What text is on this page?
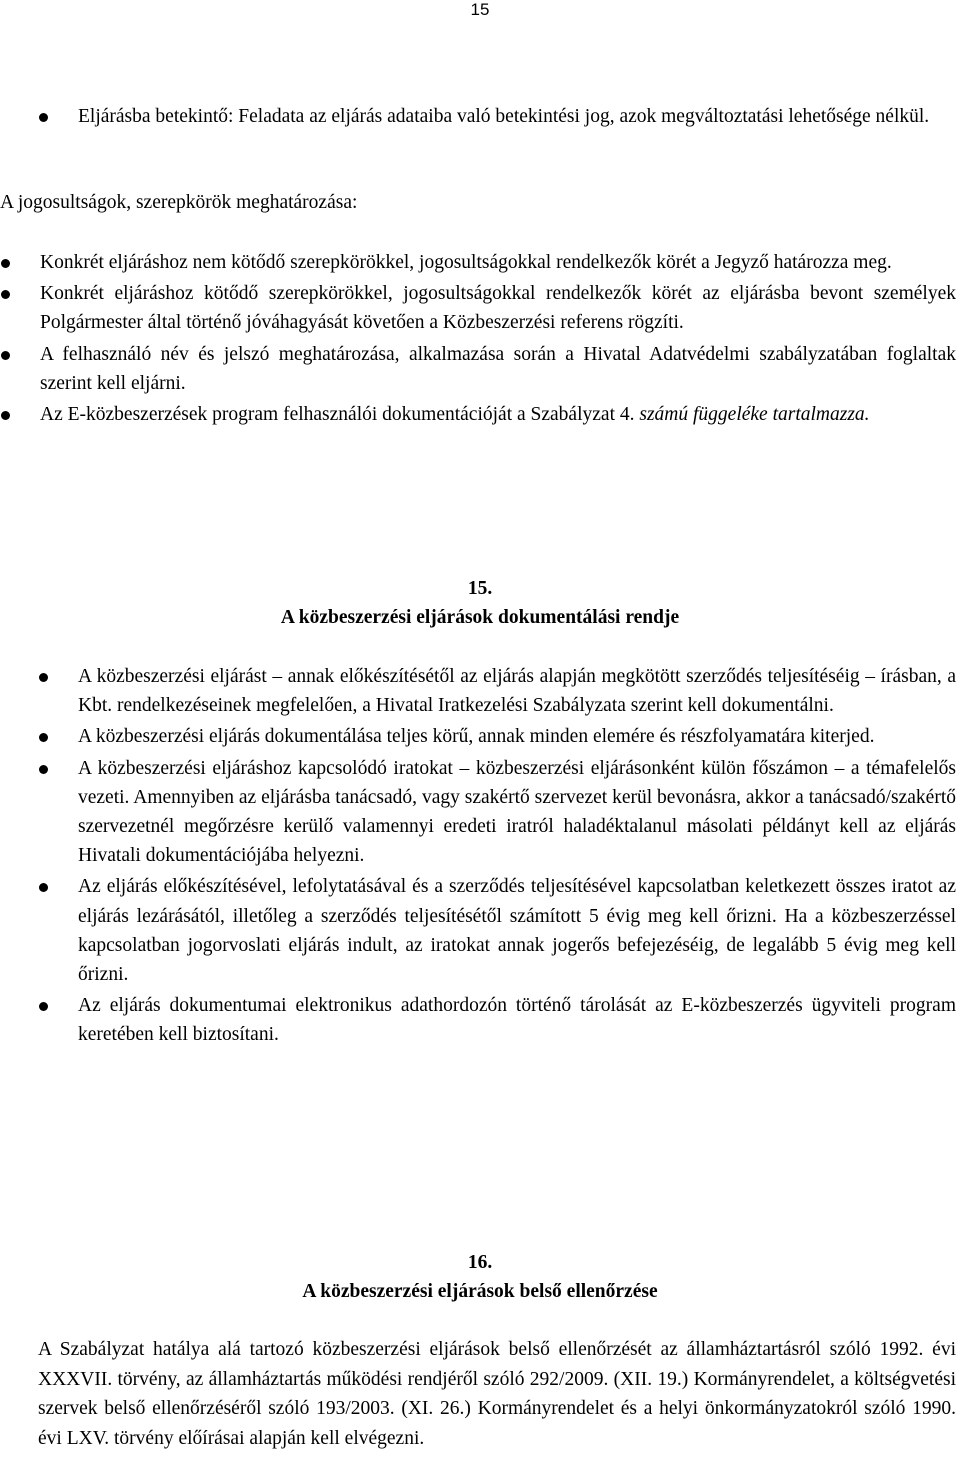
15
Eljárásba betekintő: Feladata az eljárás adataiba való betekintési jog, azok megváltoztatási lehetősége nélkül.
A jogosultságok, szerepkörök meghatározása:
Konkrét eljáráshoz nem kötődő szerepkörökkel, jogosultságokkal rendelkezők körét a Jegyző határozza meg.
Konkrét eljáráshoz kötődő szerepkörökkel, jogosultságokkal rendelkezők körét az eljárásba bevont személyek Polgármester által történő jóváhagyását követően a Közbeszerzési referens rögzíti.
A felhasználó név és jelszó meghatározása, alkalmazása során a Hivatal Adatvédelmi szabályzatában foglaltak szerint kell eljárni.
Az E-közbeszerzések program felhasználói dokumentációját a Szabályzat 4. számú függeléke tartalmazza.
15.
A közbeszerzési eljárások dokumentálási rendje
A közbeszerzési eljárást – annak előkészítésétől az eljárás alapján megkötött szerződés teljesítéséig – írásban, a Kbt. rendelkezéseinek megfelelően, a Hivatal Iratkezelési Szabályzata szerint kell dokumentálni.
A közbeszerzési eljárás dokumentálása teljes körű, annak minden elemére és részfolyamatára kiterjed.
A közbeszerzési eljáráshoz kapcsolódó iratokat – közbeszerzési eljárásonként külön főszámon – a témafelelős vezeti. Amennyiben az eljárásba tanácsadó, vagy szakértő szervezet kerül bevonásra, akkor a tanácsadó/szakértő szervezetnél megőrzésre kerülő valamennyi eredeti iratról haladéktalanul másolati példányt kell az eljárás Hivatali dokumentációjába helyezni.
Az eljárás előkészítésével, lefolytatásával és a szerződés teljesítésével kapcsolatban keletkezett összes iratot az eljárás lezárásától, illetőleg a szerződés teljesítésétől számított 5 évig meg kell őrizni. Ha a közbeszerzéssel kapcsolatban jogorvoslati eljárás indult, az iratokat annak jogerős befejezéséig, de legalább 5 évig meg kell őrizni.
Az eljárás dokumentumai elektronikus adathordozón történő tárolását az E-közbeszerzés ügyviteli program keretében kell biztosítani.
16.
A közbeszerzési eljárások belső ellenőrzése
A Szabályzat hatálya alá tartozó közbeszerzési eljárások belső ellenőrzését az államháztartásról szóló 1992. évi XXXVII. törvény, az államháztartás működési rendjéről szóló 292/2009. (XII. 19.) Kormányrendelet, a költségvetési szervek belső ellenőrzéséről szóló 193/2003. (XI. 26.) Kormányrendelet és a helyi önkormányzatokról szóló 1990. évi LXV. törvény előírásai alapján kell elvégezni.
